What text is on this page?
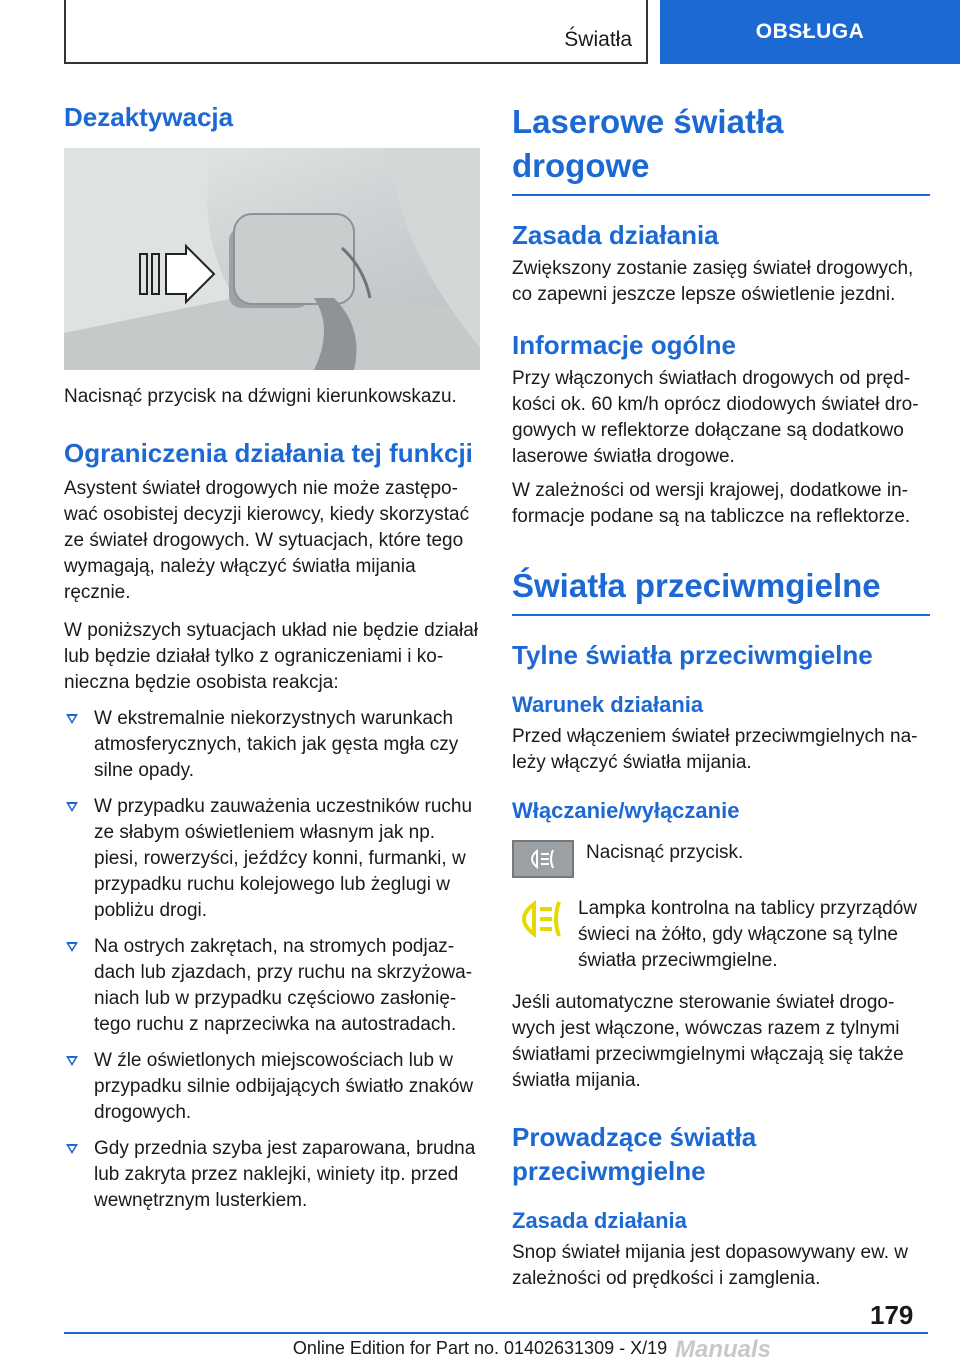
Światła	OBSŁUGA
Dezaktywacja

Nacisnąć przycisk na dźwigni kierunkowskazu.

Ograniczenia działania tej funkcji

Asystent świateł drogowych nie może zastępować osobistej decyzji kierowcy, kiedy skorzystać ze świateł drogowych. W sytuacjach, które tego wymagają, należy włączyć światła mijania ręcznie.

W poniższych sytuacjach układ nie będzie działał lub będzie działał tylko z ograniczeniami i konieczna będzie osobista reakcja:

W ekstremalnie niekorzystnych warunkach atmosferycznych, takich jak gęsta mgła czy silne opady.
W przypadku zauważenia uczestników ruchu ze słabym oświetleniem własnym jak np. piesi, rowerzyści, jeźdźcy konni, furmanki, w przypadku ruchu kolejowego lub żeglugi w pobliżu drogi.
Na ostrych zakrętach, na stromych podjazdach lub zjazdach, przy ruchu na skrzyżowaniach lub w przypadku częściowo zasłoniętego ruchu z naprzeciwka na autostradach.
W źle oświetlonych miejscowościach lub w przypadku silnie odbijających światło znaków drogowych.
Gdy przednia szyba jest zaparowana, brudna lub zakryta przez naklejki, winiety itp. przed wewnętrznym lusterkiem.
Laserowe światła drogowe
Zasada działania

Zwiększony zostanie zasięg świateł drogowych, co zapewni jeszcze lepsze oświetlenie jezdni.

Informacje ogólne

Przy włączonych światłach drogowych od prędkości ok. 60 km/h oprócz diodowych świateł drogowych w reflektorze dołączane są dodatkowo laserowe światła drogowe.

W zależności od wersji krajowej, dodatkowe informacje podane są na tabliczce na reflektorze.

Światła przeciwmgielne
Tylne światła przeciwmgielne
Warunek działania

Przed włączeniem świateł przeciwmgielnych należy włączyć światła mijania.

Włączanie/wyłączanie

Nacisnąć przycisk.

Lampka kontrolna na tablicy przyrządów świeci na żółto, gdy włączone są tylne światła przeciwmgielne.

Jeśli automatyczne sterowanie świateł drogowych jest włączone, wówczas razem z tylnymi światłami przeciwmgielnymi włączają się także światła mijania.

Prowadzące światła przeciwmgielne
Zasada działania

Snop świateł mijania jest dopasowywany ew. w zależności od prędkości i zamglenia.

179
Online Edition for Part no. 01402631309 - X/19 Manuals
